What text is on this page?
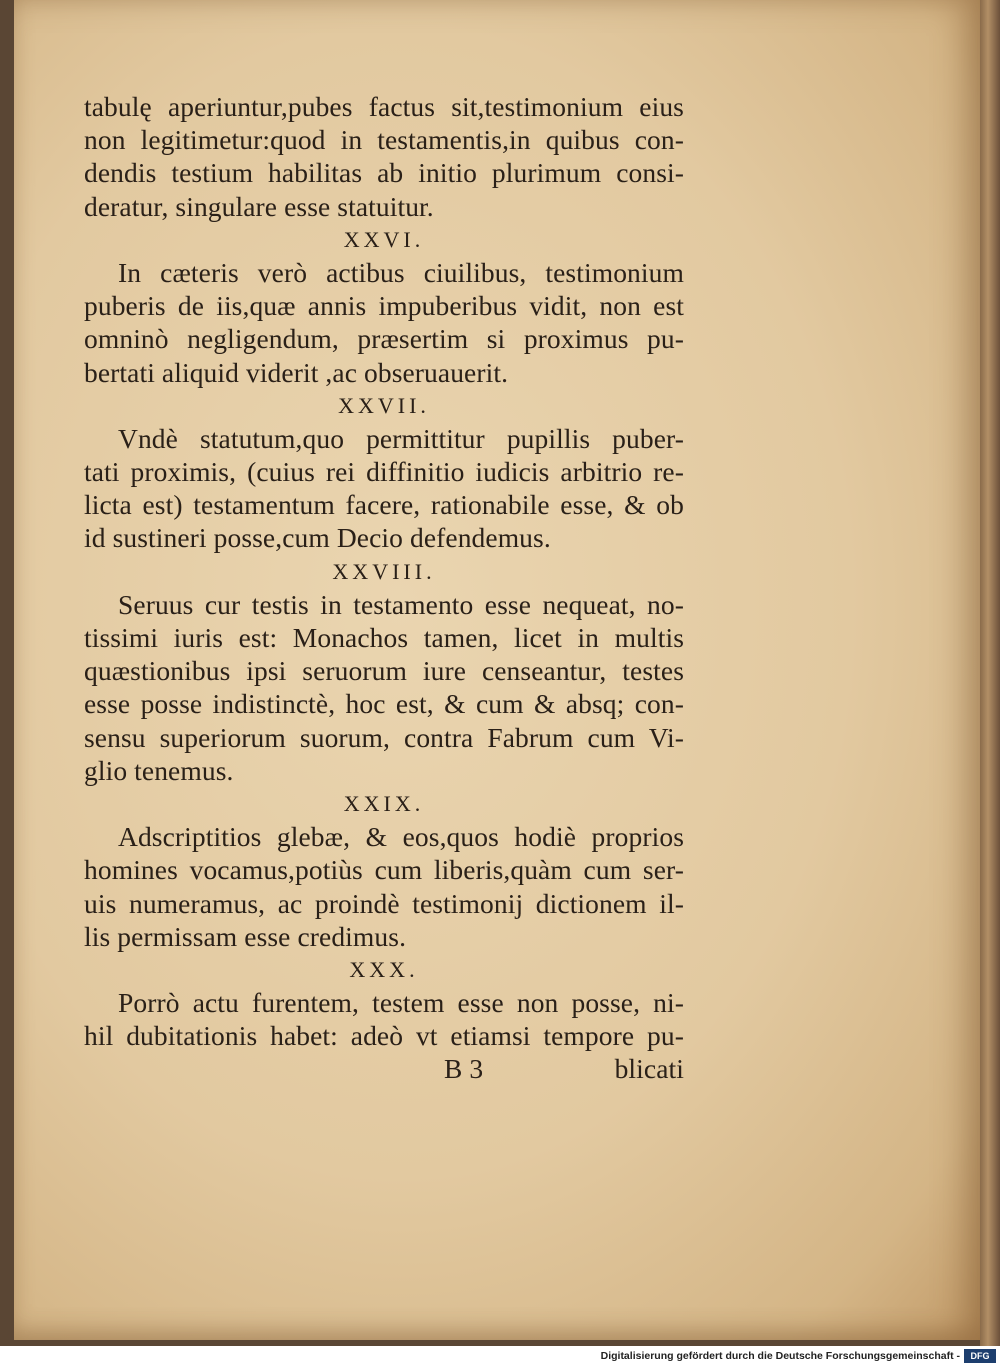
tabulę aperiuntur,pubes factus sit,testimonium eius
non legitimetur:quod in testamentis,in quibus con-
dendis testium habilitas ab initio plurimum consi-
deratur, singulare esse statuitur.
XXVI.
In cæteris verò actibus ciuilibus, testimonium
puberis de iis,quæ annis impuberibus vidit, non est
omninò negligendum, præsertim si proximus pu-
bertati aliquid viderit ,ac obseruauerit.
XXVII.
Vndè statutum,quo permittitur pupillis puber-
tati proximis, (cuius rei diffinitio iudicis arbitrio re-
licta est) testamentum facere, rationabile esse, & ob
id sustineri posse,cum Decio defendemus.
XXVIII.
Seruus cur testis in testamento esse nequeat, no-
tissimi iuris est: Monachos tamen, licet in multis
quæstionibus ipsi seruorum iure censeantur, testes
esse posse indistinctè, hoc est, & cum & absq; con-
sensu superiorum suorum, contra Fabrum cum Vi-
glio tenemus.
XXIX.
Adscriptitios glebæ, & eos,quos hodiè proprios
homines vocamus,potiùs cum liberis,quàm cum ser-
uis numeramus, ac proindè testimonij dictionem il-
lis permissam esse credimus.
XXX.
Porrò actu furentem, testem esse non posse, ni-
hil dubitationis habet: adeò vt etiamsi tempore pu-
B 3	blicati
Digitalisierung gefördert durch die Deutsche Forschungsgemeinschaft -	DFG
